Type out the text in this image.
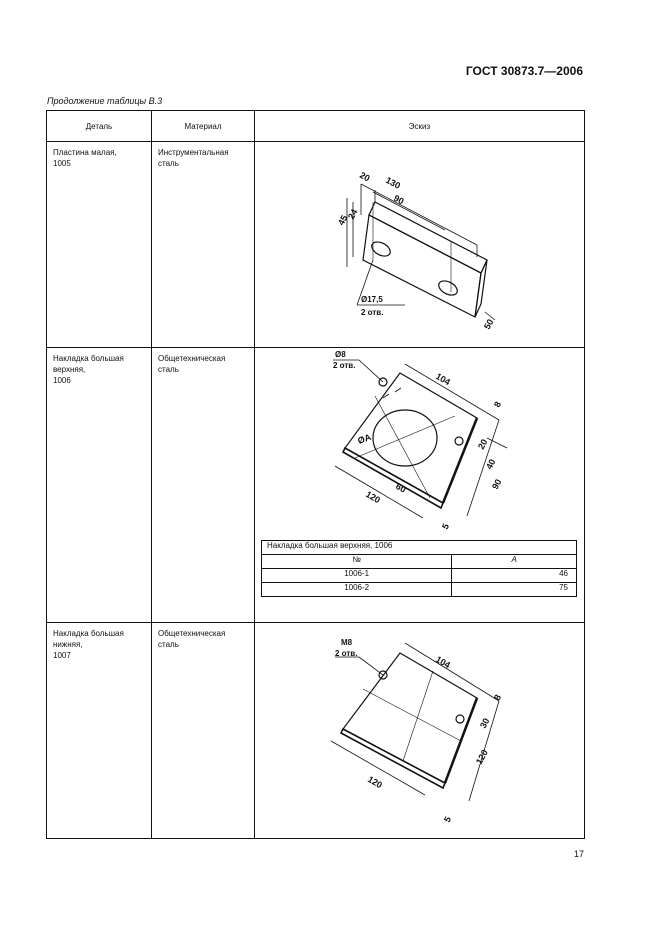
ГОСТ 30873.7—2006
Продолжение таблицы В.3
Деталь	Материал	Эскиз

Пластина малая,
1005

Инструментальная
сталь

130
90
20
45
24
50
Ø17,5
2 отв.

Накладка большая
верхняя,
1006

Общетехническая
сталь

104
8
20
40
90
120
60
5
ØA
Ø8
2 отв.
Накладка большая верхняя, 1006
№	A
1006-1	46
1006-2	75

Накладка большая
нижняя,
1007

Общетехническая
сталь

104
8
30
120
120
5
М8
2 отв.
17
